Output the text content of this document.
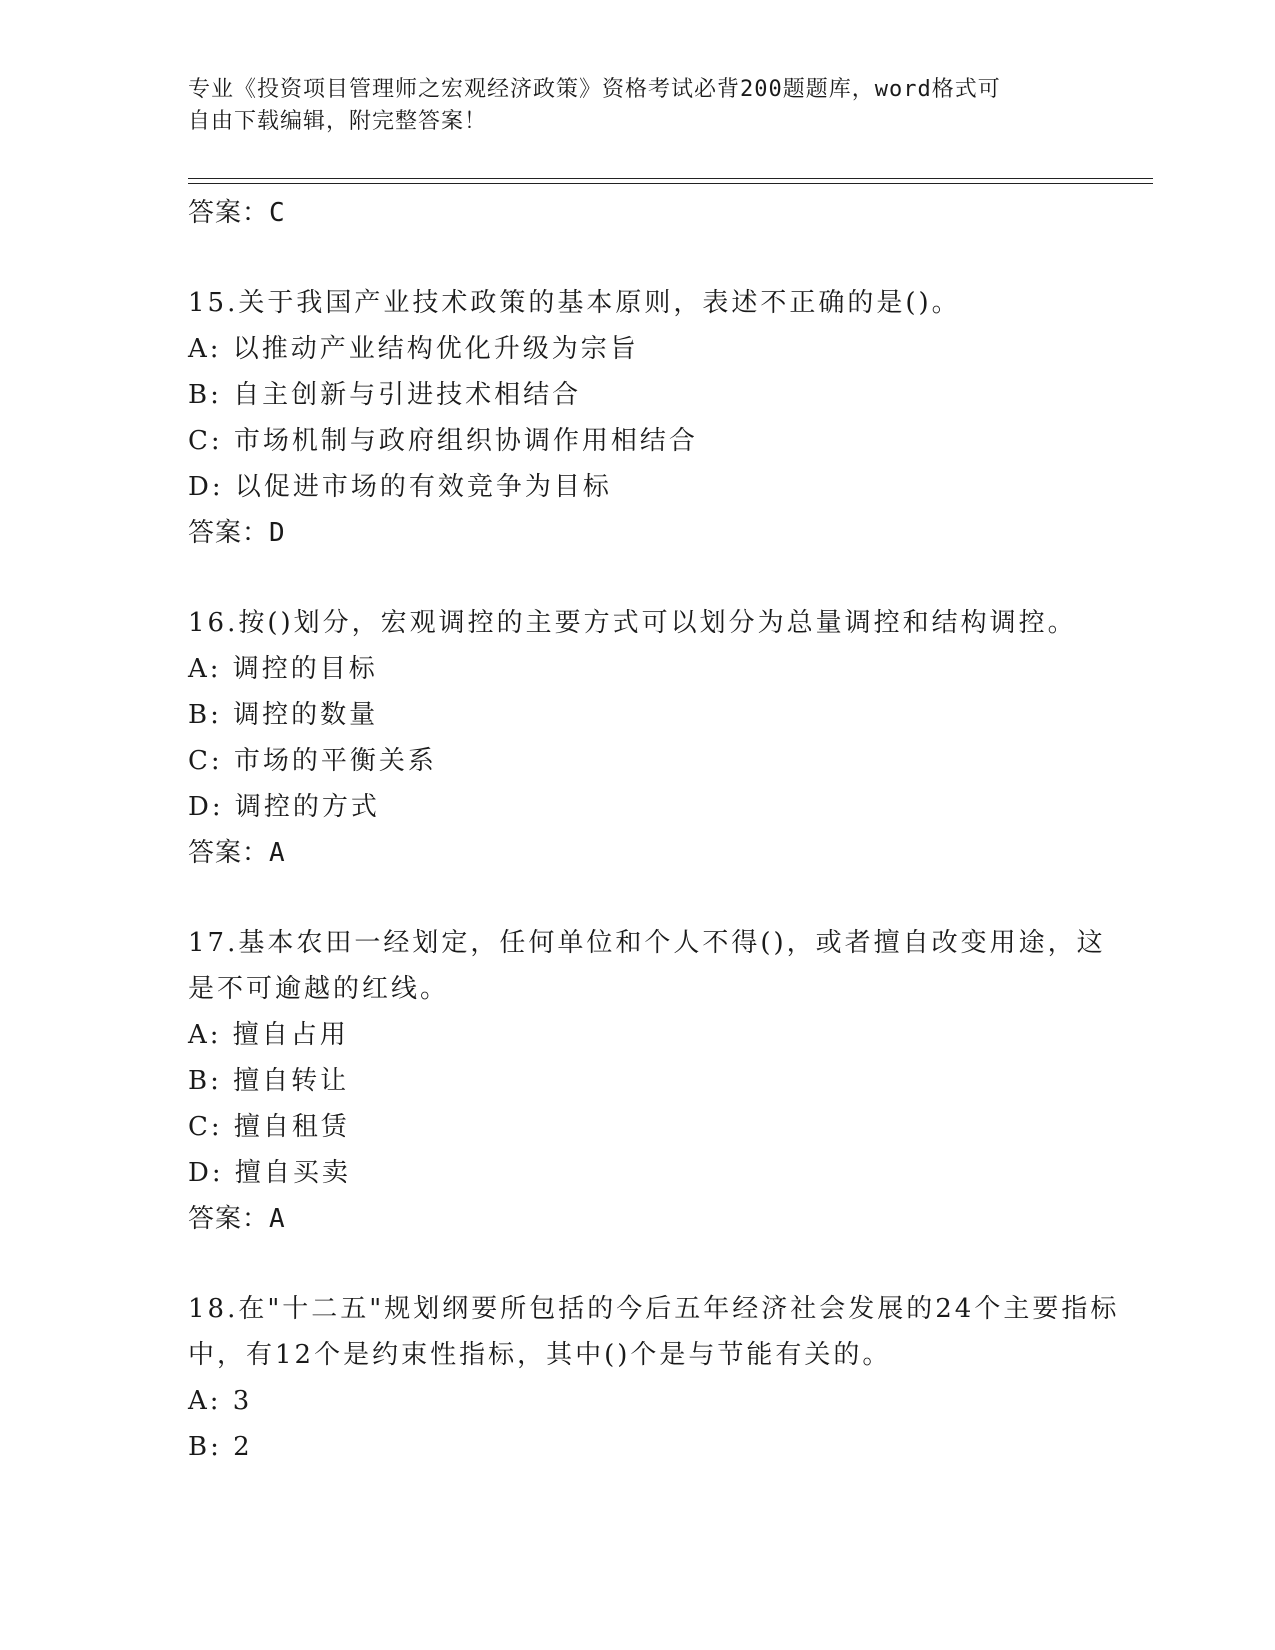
专业《投资项目管理师之宏观经济政策》资格考试必背200题题库，word格式可
自由下载编辑，附完整答案！
答案：C
15.关于我国产业技术政策的基本原则，表述不正确的是()。
A: 以推动产业结构优化升级为宗旨
B: 自主创新与引进技术相结合
C: 市场机制与政府组织协调作用相结合
D: 以促进市场的有效竞争为目标
答案：D
16.按()划分，宏观调控的主要方式可以划分为总量调控和结构调控。
A: 调控的目标
B: 调控的数量
C: 市场的平衡关系
D: 调控的方式
答案：A
17.基本农田一经划定，任何单位和个人不得()，或者擅自改变用途，这是不可逾越的红线。
A: 擅自占用
B: 擅自转让
C: 擅自租赁
D: 擅自买卖
答案：A
18.在"十二五"规划纲要所包括的今后五年经济社会发展的24个主要指标中，有12个是约束性指标，其中()个是与节能有关的。
A: 3
B: 2
